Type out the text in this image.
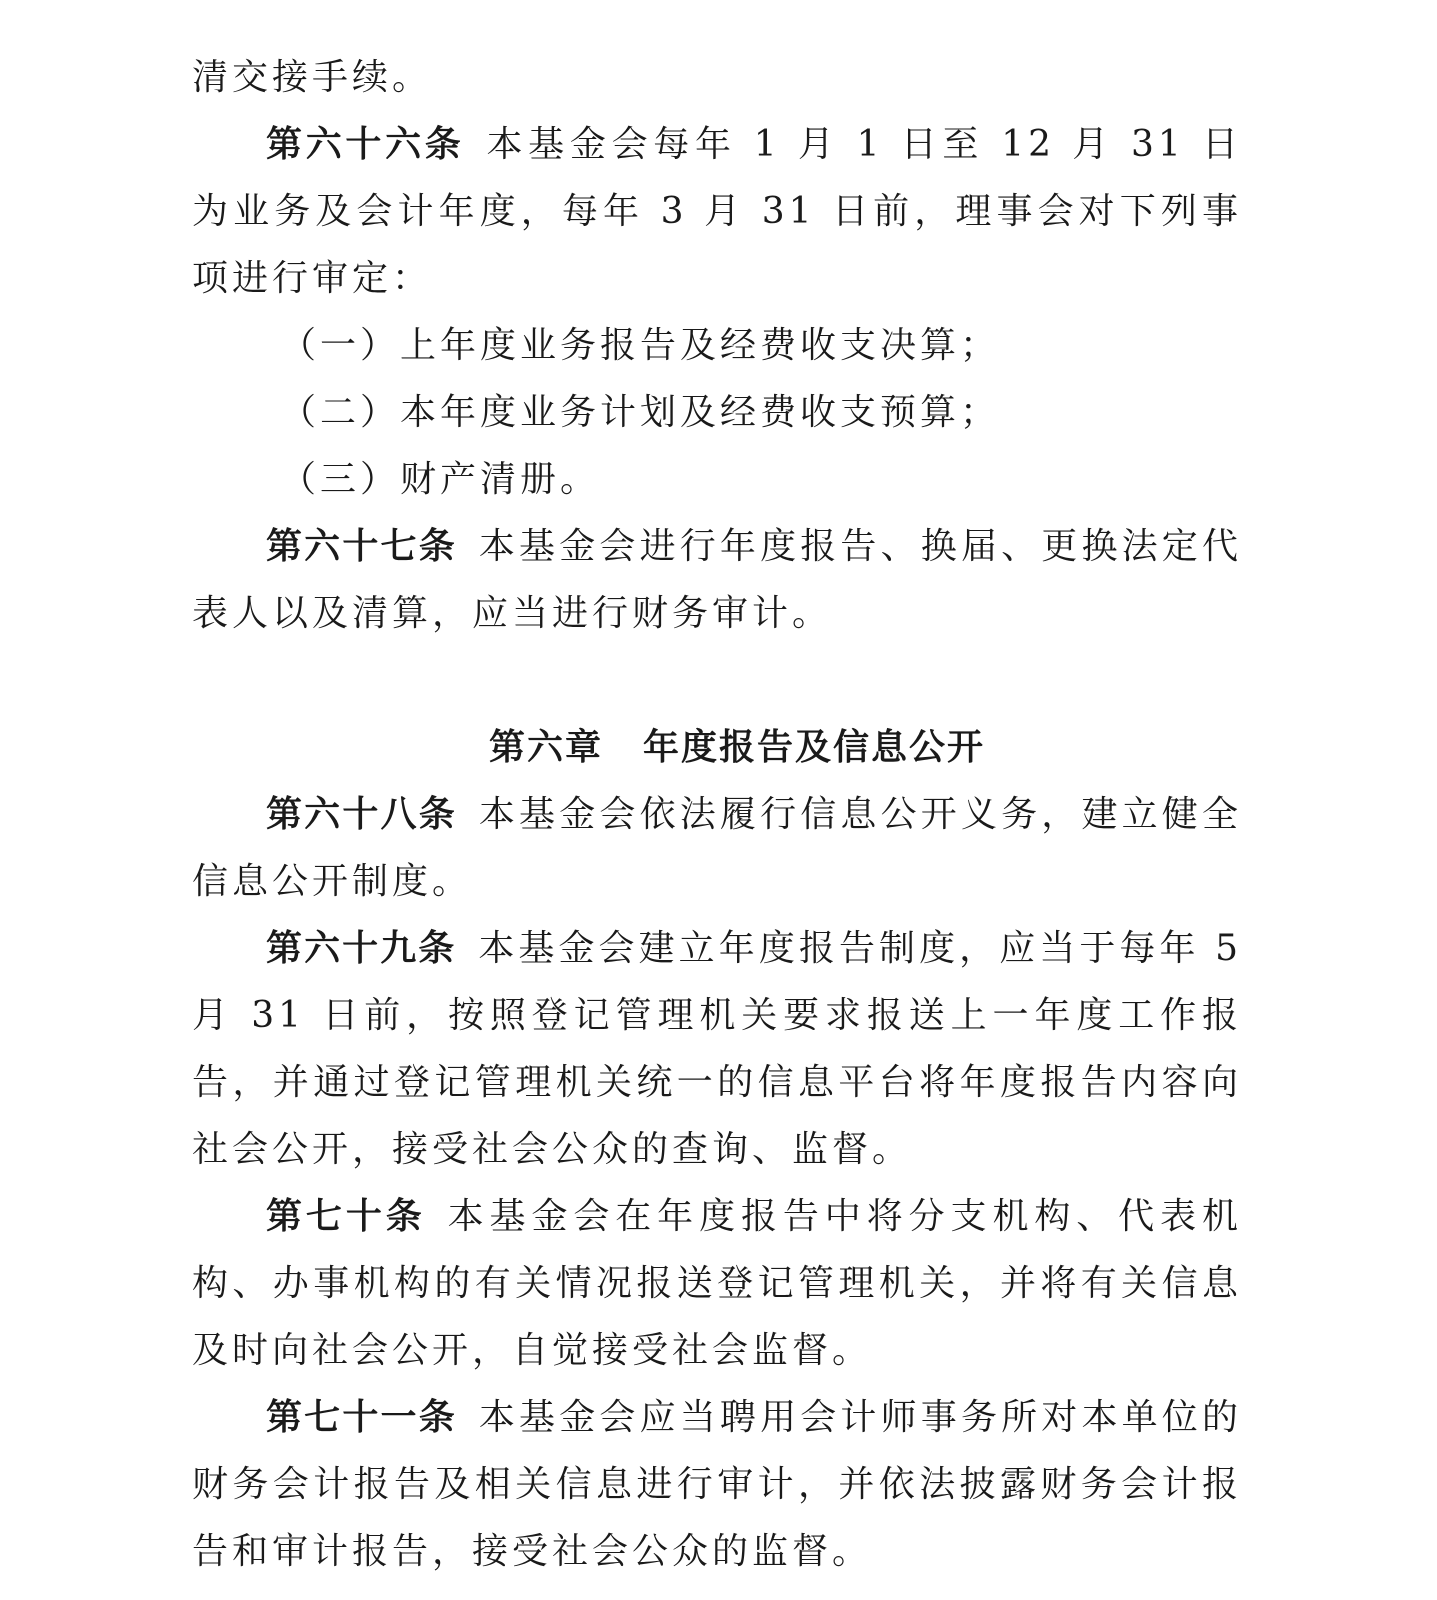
清交接手续。

第六十六条 本基金会每年 1 月 1 日至 12 月 31 日为业务及会计年度，每年 3 月 31 日前，理事会对下列事项进行审定：

（一）上年度业务报告及经费收支决算；

（二）本年度业务计划及经费收支预算；

（三）财产清册。

第六十七条 本基金会进行年度报告、换届、更换法定代表人以及清算，应当进行财务审计。

第六章 年度报告及信息公开

第六十八条 本基金会依法履行信息公开义务，建立健全信息公开制度。

第六十九条 本基金会建立年度报告制度，应当于每年 5 月 31 日前，按照登记管理机关要求报送上一年度工作报告，并通过登记管理机关统一的信息平台将年度报告内容向社会公开，接受社会公众的查询、监督。

第七十条 本基金会在年度报告中将分支机构、代表机构、办事机构的有关情况报送登记管理机关，并将有关信息及时向社会公开，自觉接受社会监督。

第七十一条 本基金会应当聘用会计师事务所对本单位的财务会计报告及相关信息进行审计，并依法披露财务会计报告和审计报告，接受社会公众的监督。
